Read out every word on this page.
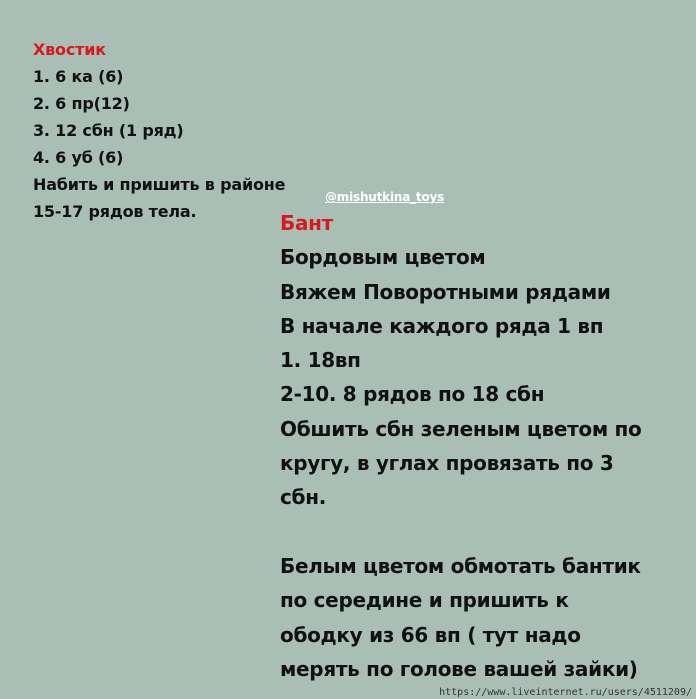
Хвостик
1. 6 ка (6)
2. 6 пр(12)
3. 12 сбн (1 ряд)
4. 6 уб (6)
Набить и пришить в районе
15-17 рядов тела.
@mishutkina_toys
Бант
Бордовым цветом
Вяжем Поворотными рядами
В начале каждого ряда 1 вп
1. 18вп
2-10. 8 рядов по 18 сбн
Обшить сбн зеленым цветом по
кругу, в углах провязать по 3
сбн.
Белым цветом обмотать бантик
по середине и пришить к
ободку из 66 вп ( тут надо
мерять по голове вашей зайки)
https://www.liveinternet.ru/users/4511209/
